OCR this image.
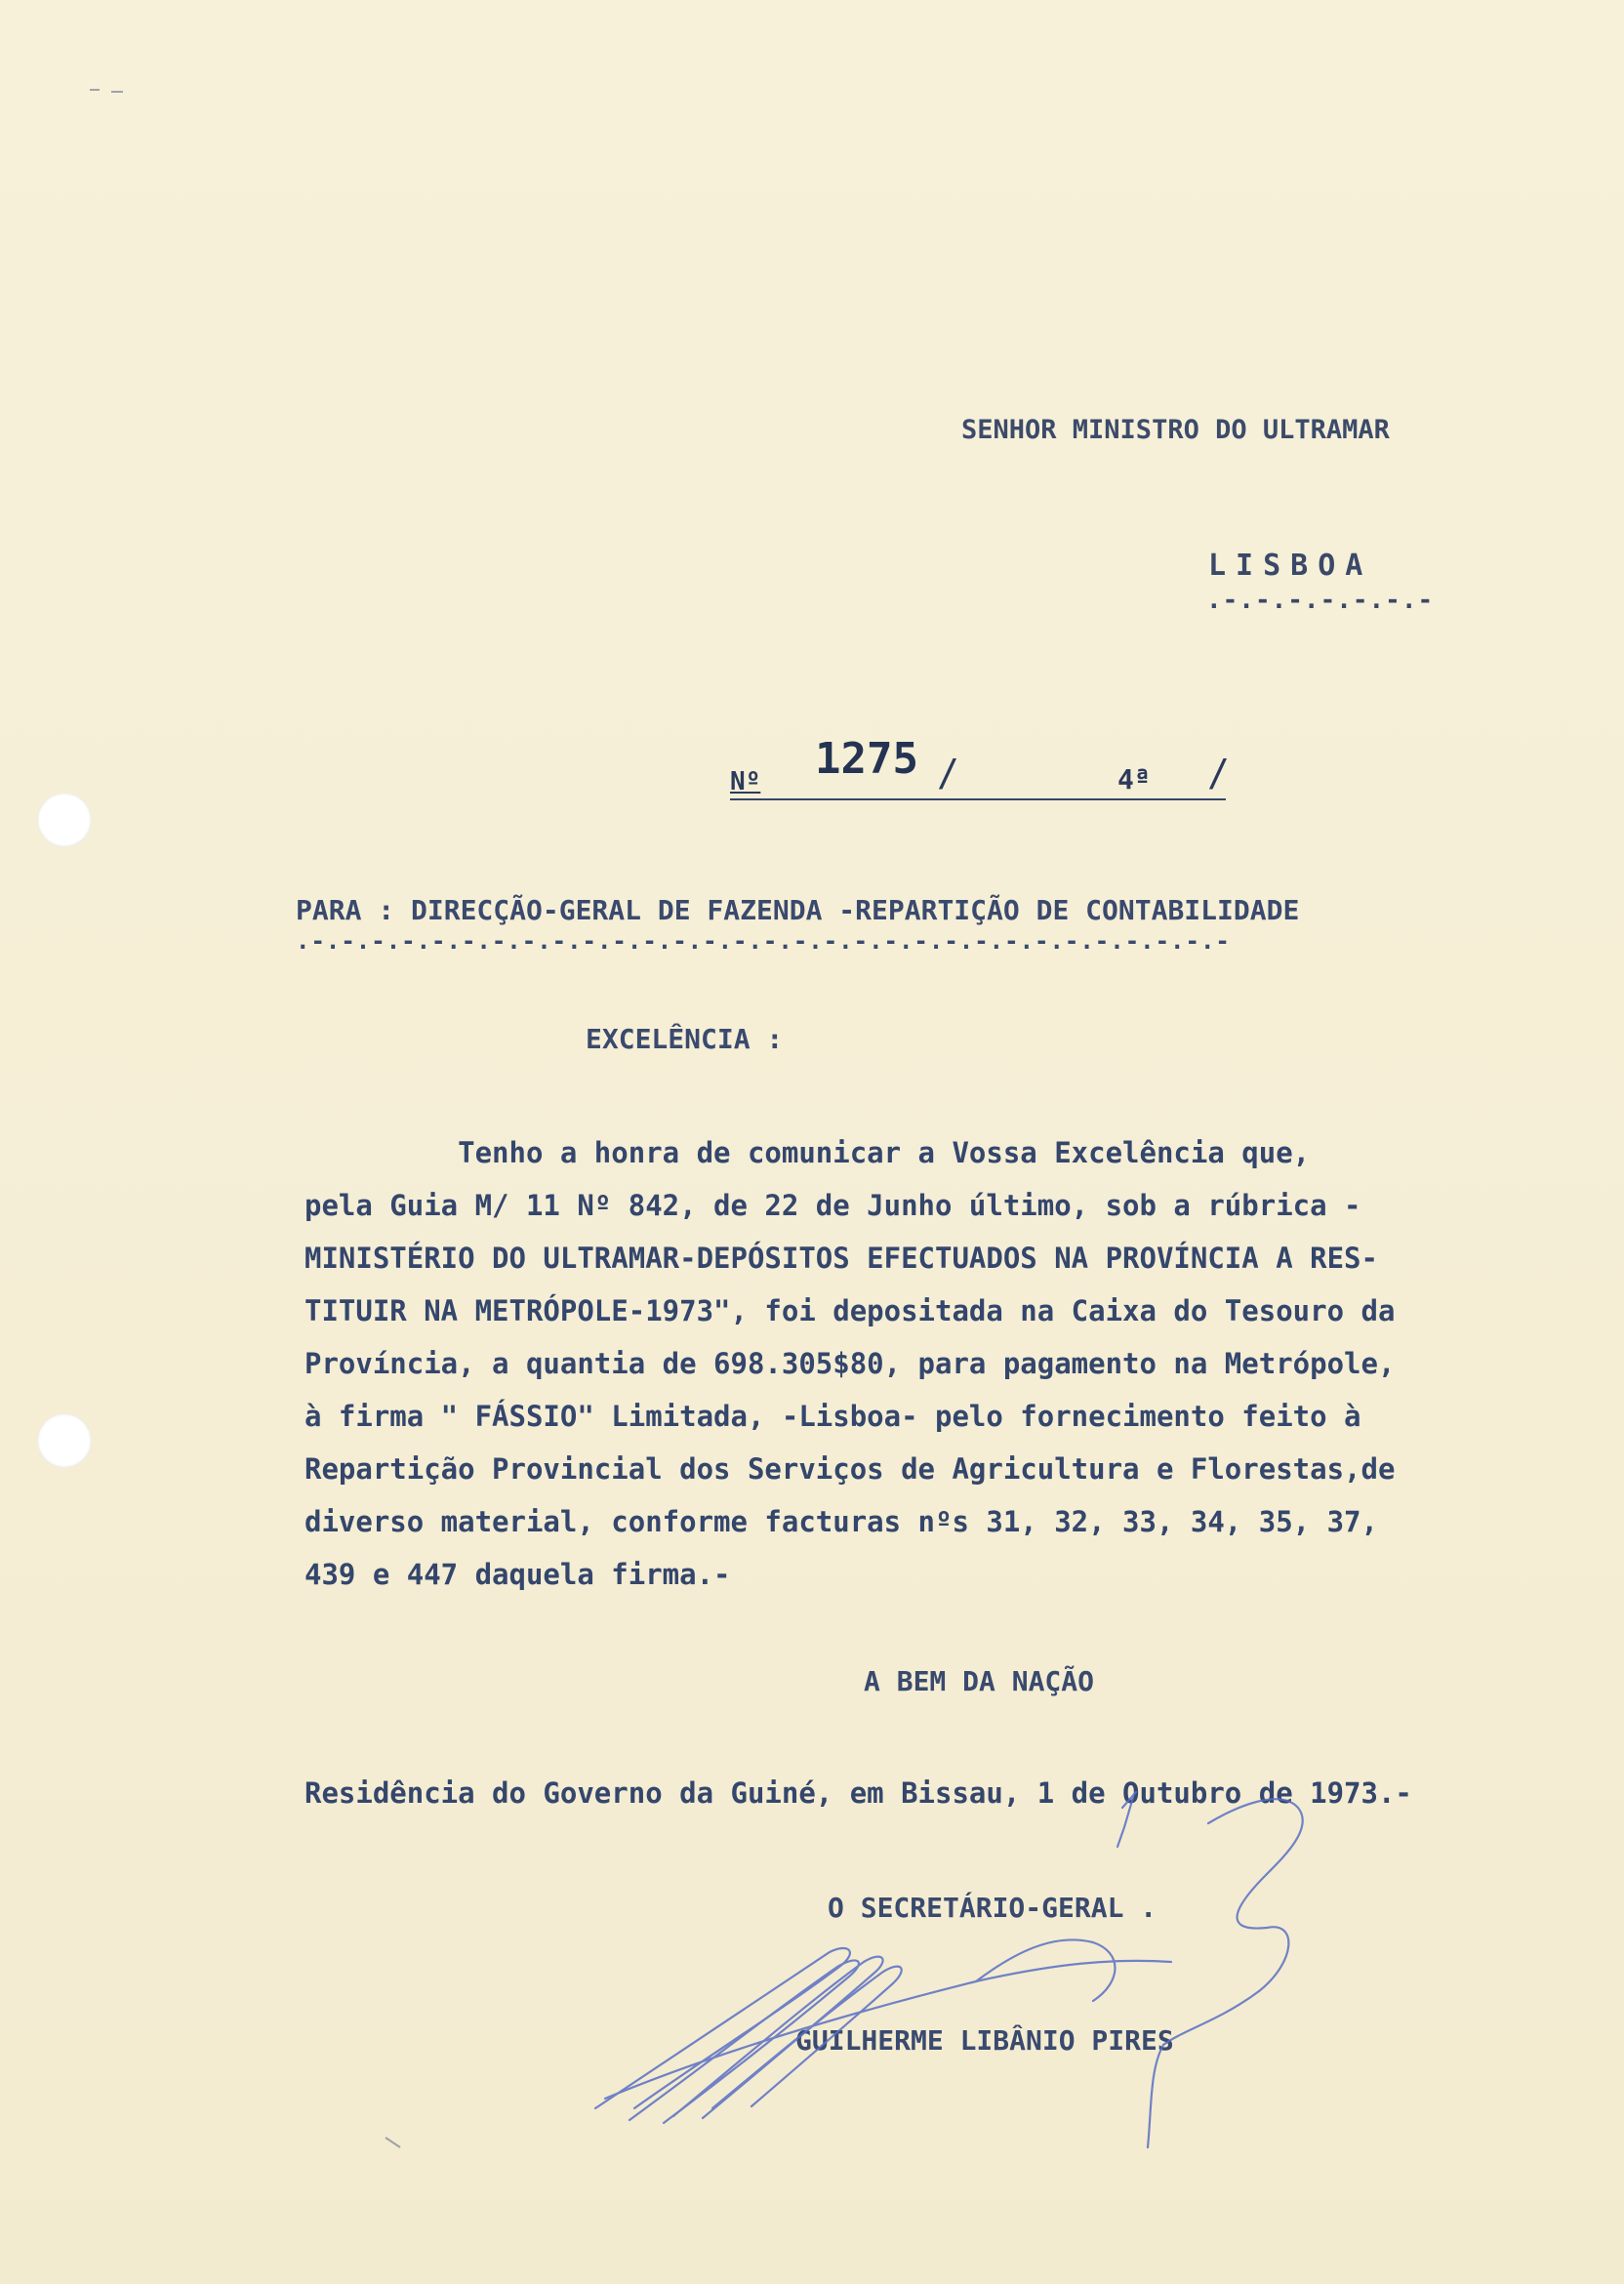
SENHOR MINISTRO DO ULTRAMAR
LISBOA
.-.-.-.-.-.-.-
Nº 1275 /	4ª /
PARA : DIRECÇÃO-GERAL DE FAZENDA -REPARTIÇÃO DE CONTABILIDADE
.-.-.-.-.-.-.-.-.-.-.-.-.-.-.-.-.-.-.-.-.-.-.-.-.-.-.-.-.-.-.-
EXCELÊNCIA :
Tenho a honra de comunicar a Vossa Excelência que,
pela Guia M/ 11 Nº 842, de 22 de Junho último, sob a rúbrica -
MINISTÉRIO DO ULTRAMAR-DEPÓSITOS EFECTUADOS NA PROVÍNCIA A RES-
TITUIR NA METRÓPOLE-1973", foi depositada na Caixa do Tesouro da
Província, a quantia de 698.305$80, para pagamento na Metrópole,
à firma " FÁSSIO" Limitada, -Lisboa- pelo fornecimento feito à
Repartição Provincial dos Serviços de Agricultura e Florestas,de
diverso material, conforme facturas nºs 31, 32, 33, 34, 35, 37,
439 e 447 daquela firma.-
A BEM DA NAÇÃO
Residência do Governo da Guiné, em Bissau, 1 de Outubro de 1973.-
O SECRETÁRIO-GERAL .
GUILHERME LIBÂNIO PIRES
